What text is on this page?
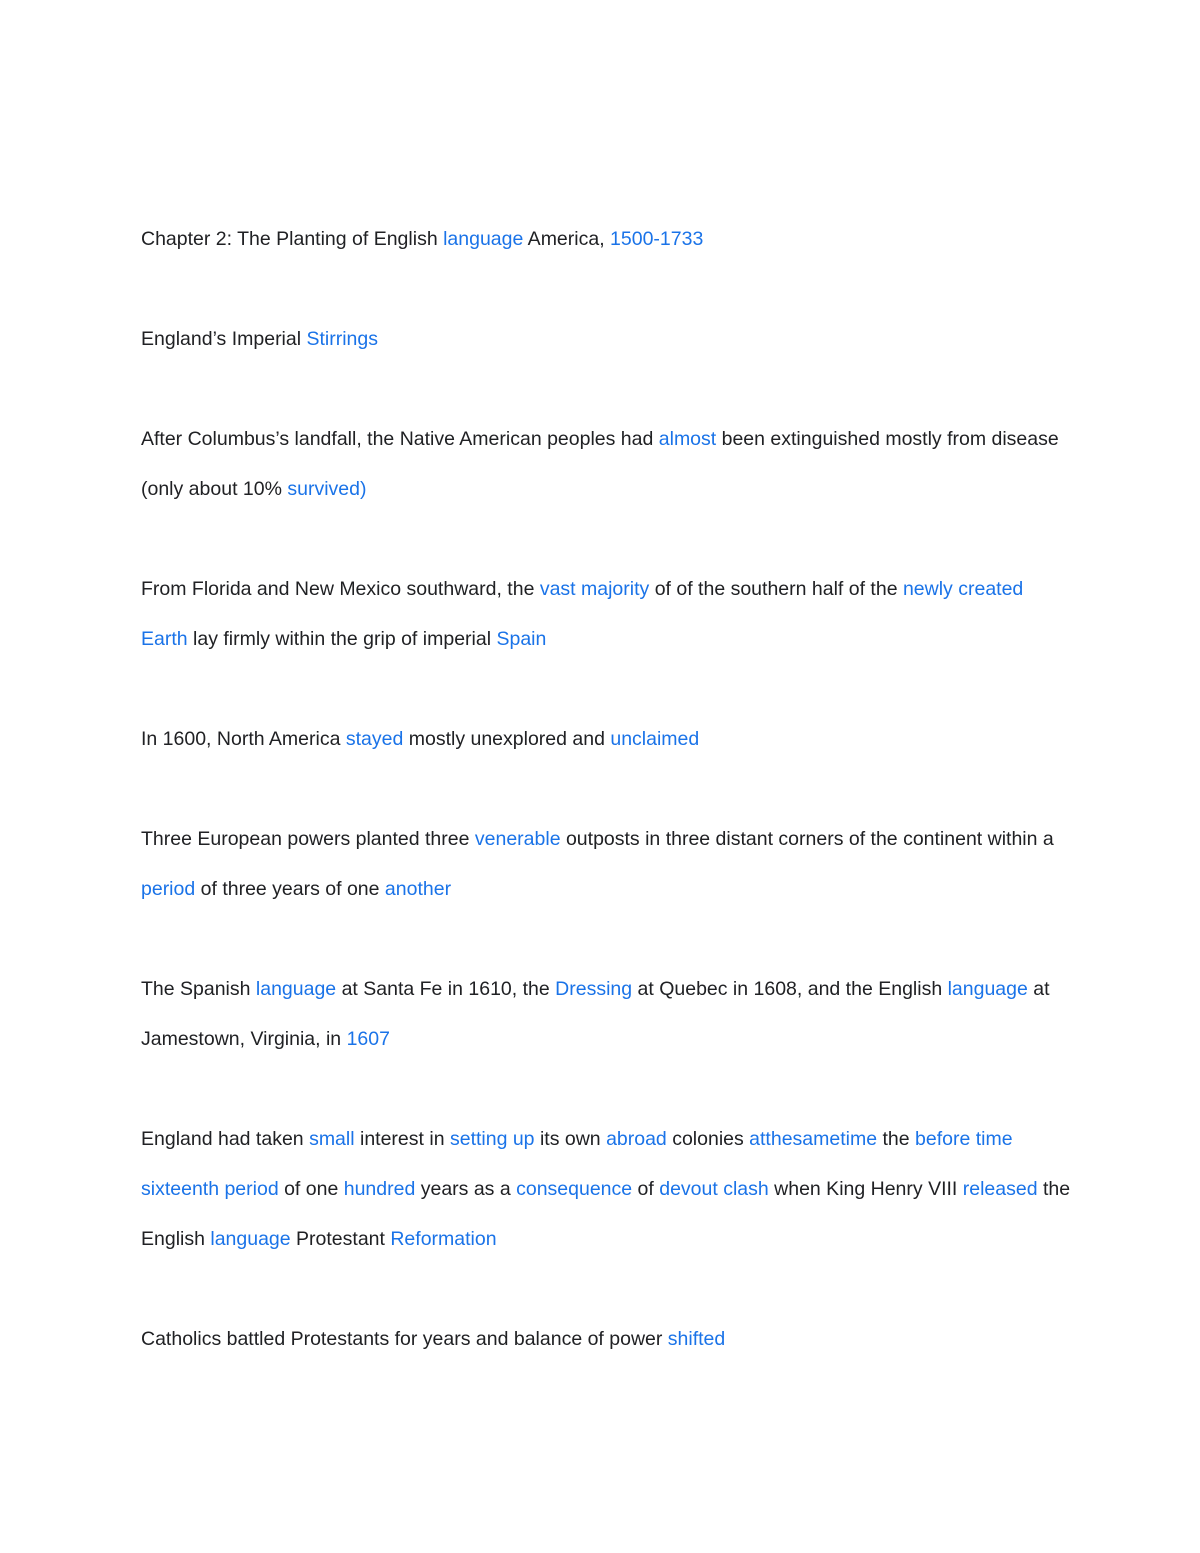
Chapter 2: The Planting of English language America, 1500-1733

England’s Imperial Stirrings

After Columbus’s landfall, the Native American peoples had almost been extinguished mostly from disease (only about 10% survived)

From Florida and New Mexico southward, the vast majority of of the southern half of the newly created Earth lay firmly within the grip of imperial Spain

In 1600, North America stayed mostly unexplored and unclaimed

Three European powers planted three venerable outposts in three distant corners of the continent within a period of three years of one another

The Spanish language at Santa Fe in 1610, the Dressing at Quebec in 1608, and the English language at Jamestown, Virginia, in 1607

England had taken small interest in setting up its own abroad colonies atthesametime the before time sixteenth period of one hundred years as a consequence of devout clash when King Henry VIII released the English language Protestant Reformation

Catholics battled Protestants for years and balance of power shifted
